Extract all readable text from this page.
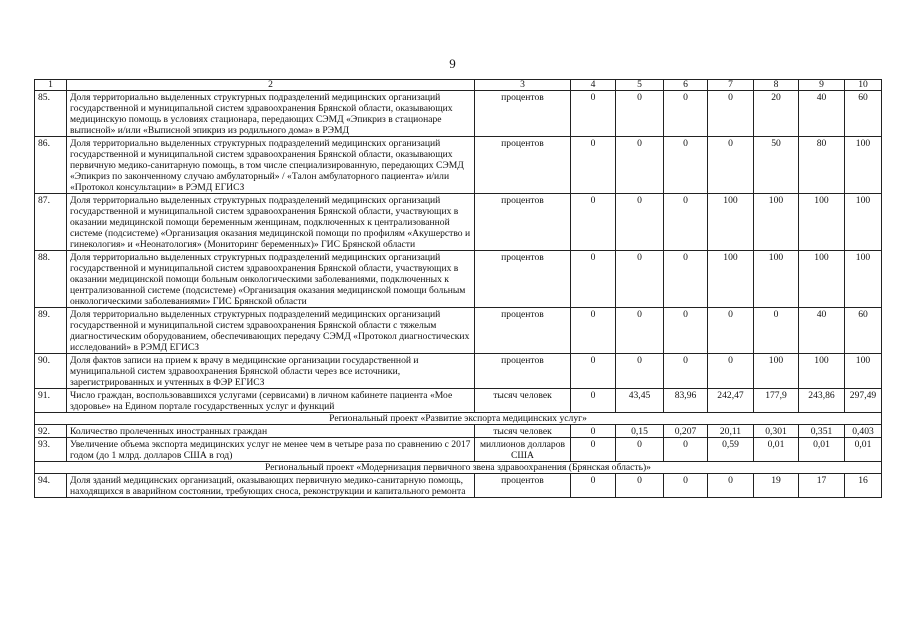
9
1	2	3	4	5	6	7	8	9	10
85.	Доля территориально выделенных структурных подразделений медицинских организаций государственной и муниципальной систем здравоохранения Брянской области, оказывающих медицинскую помощь в условиях стационара, передающих СЭМД «Эпикриз в стационаре выписной» и/или «Выписной эпикриз из родильного дома» в РЭМД	процентов	0	0	0	0	20	40	60
86.	Доля территориально выделенных структурных подразделений медицинских организаций государственной и муниципальной систем здравоохранения Брянской области, оказывающих первичную медико-санитарную помощь, в том числе специализированную, передающих СЭМД «Эпикриз по законченному случаю амбулаторный» / «Талон амбулаторного пациента» и/или «Протокол консультации» в РЭМД ЕГИСЗ	процентов	0	0	0	0	50	80	100
87.	Доля территориально выделенных структурных подразделений медицинских организаций государственной и муниципальной систем здравоохранения Брянской области, участвующих в оказании медицинской помощи беременным женщинам, подключенных к централизованной системе (подсистеме) «Организация оказания медицинской помощи по профилям «Акушерство и гинекология» и «Неонатология» (Мониторинг беременных)» ГИС Брянской области	процентов	0	0	0	100	100	100	100
88.	Доля территориально выделенных структурных подразделений медицинских организаций государственной и муниципальной систем здравоохранения Брянской области, участвующих в оказании медицинской помощи больным онкологическими заболеваниями, подключенных к централизованной системе (подсистеме) «Организация оказания медицинской помощи больным онкологическими заболеваниями» ГИС Брянской области	процентов	0	0	0	100	100	100	100
89.	Доля территориально выделенных структурных подразделений медицинских организаций государственной и муниципальной систем здравоохранения Брянской области с тяжелым диагностическим оборудованием, обеспечивающих передачу СЭМД «Протокол диагностических исследований» в РЭМД ЕГИСЗ	процентов	0	0	0	0	0	40	60
90.	Доля фактов записи на прием к врачу в медицинские организации государственной и муниципальной систем здравоохранения Брянской области через все источники, зарегистрированных и учтенных в ФЭР ЕГИСЗ	процентов	0	0	0	0	100	100	100
91.	Число граждан, воспользовавшихся услугами (сервисами) в личном кабинете пациента «Мое здоровье» на Едином портале государственных услуг и функций	тысяч человек	0	43,45	83,96	242,47	177,9	243,86	297,49
Региональный проект «Развитие экспорта медицинских услуг»									
92.	Количество пролеченных иностранных граждан	тысяч человек	0	0,15	0,207	20,11	0,301	0,351	0,403
93.	Увеличение объема экспорта медицинских услуг не менее чем в четыре раза по сравнению с 2017 годом (до 1 млрд. долларов США в год)	миллионов долларов США	0	0	0	0,59	0,01	0,01	0,01
Региональный проект «Модернизация первичного звена здравоохранения (Брянская область)»									
94.	Доля зданий медицинских организаций, оказывающих первичную медико-санитарную помощь, находящихся в аварийном состоянии, требующих сноса, реконструкции и капитального ремонта	процентов	0	0	0	0	19	17	16
